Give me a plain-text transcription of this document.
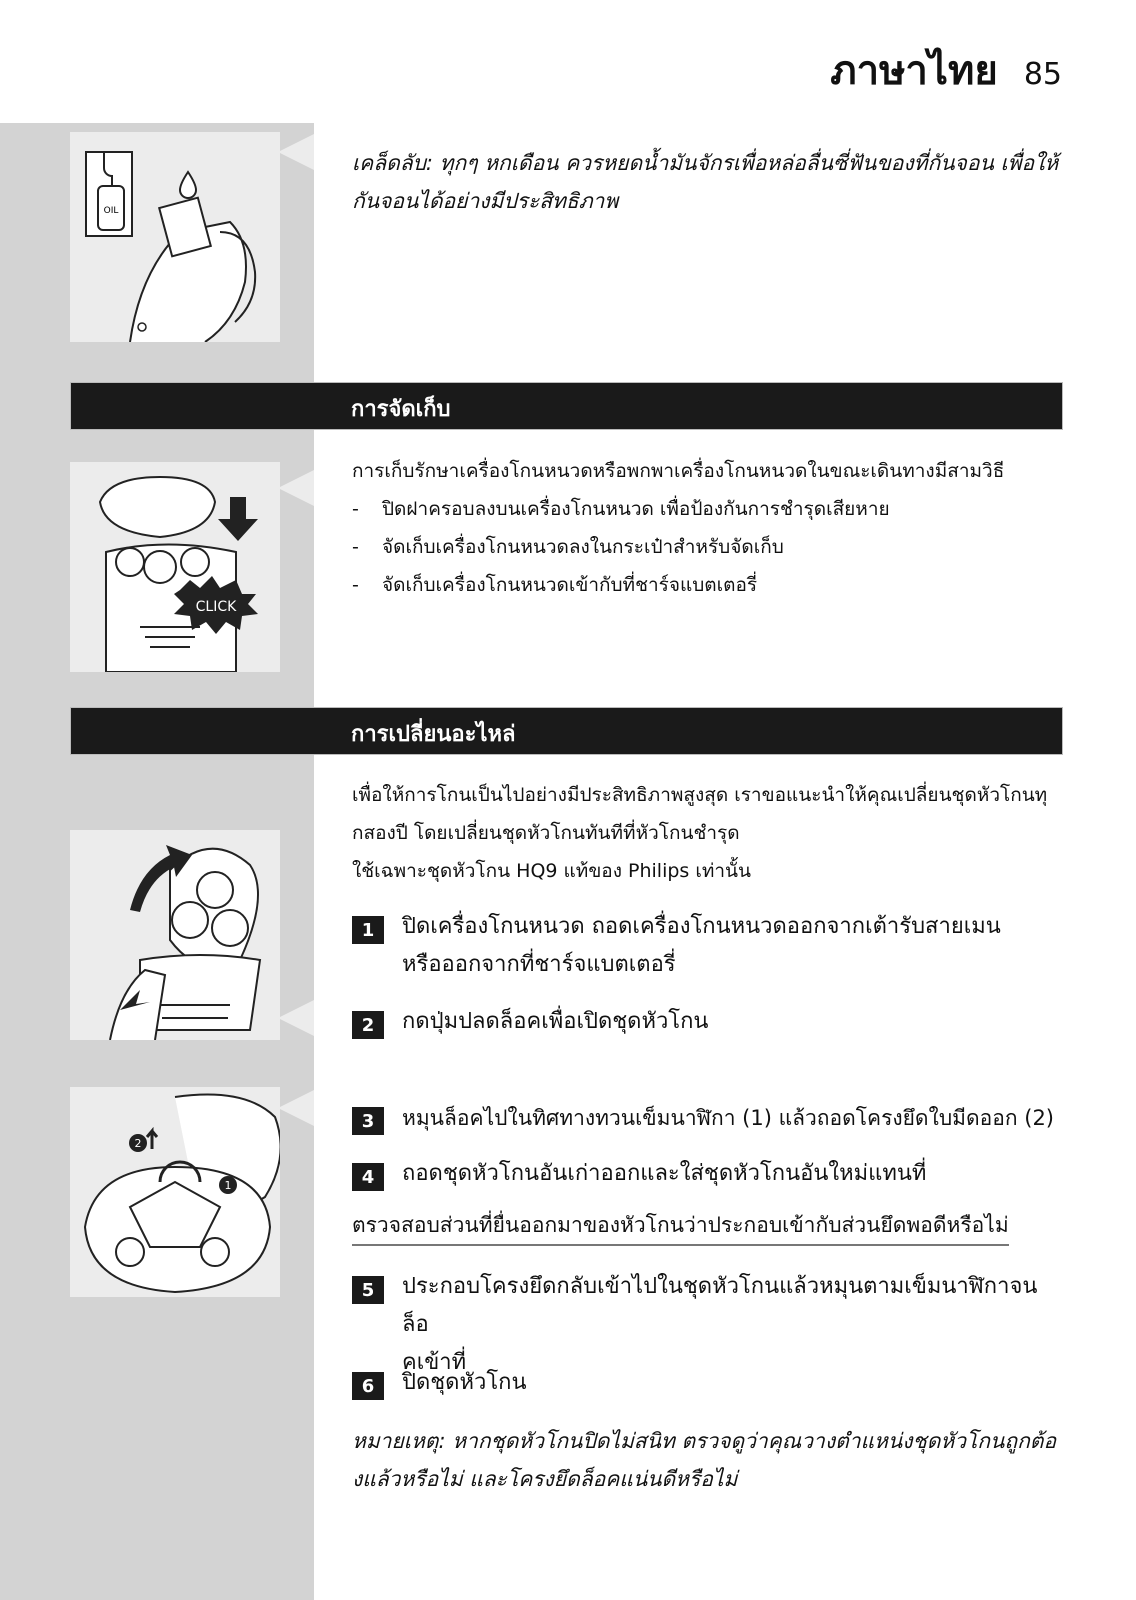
ภาษาไทย 85
OIL
เคล็ดลับ: ทุกๆ หกเดือน ควรหยดน้ำมันจักรเพื่อหล่อลื่นซี่ฟันของที่กันจอน เพื่อให้กันจอนได้อย่างมีประสิทธิภาพ
การจัดเก็บ
CLICK
การเก็บรักษาเครื่องโกนหนวดหรือพกพาเครื่องโกนหนวดในขณะเดินทางมีสามวิธี
-	ปิดฝาครอบลงบนเครื่องโกนหนวด เพื่อป้องกันการชำรุดเสียหาย
-	จัดเก็บเครื่องโกนหนวดลงในกระเป๋าสำหรับจัดเก็บ
-	จัดเก็บเครื่องโกนหนวดเข้ากับที่ชาร์จแบตเตอรี่
การเปลี่ยนอะไหล่
เพื่อให้การโกนเป็นไปอย่างมีประสิทธิภาพสูงสุด เราขอแนะนำให้คุณเปลี่ยนชุดหัวโกนทุ
กสองปี โดยเปลี่ยนชุดหัวโกนทันทีที่หัวโกนชำรุด
ใช้เฉพาะชุดหัวโกน HQ9 แท้ของ Philips เท่านั้น
1	ปิดเครื่องโกนหนวด ถอดเครื่องโกนหนวดออกจากเต้ารับสายเมน
หรือออกจากที่ชาร์จแบตเตอรี่
2	กดปุ่มปลดล็อคเพื่อเปิดชุดหัวโกน
2
1
3	หมุนล็อคไปในทิศทางทวนเข็มนาฬิกา (1) แล้วถอดโครงยึดใบมีดออก (2)
4	ถอดชุดหัวโกนอันเก่าออกและใส่ชุดหัวโกนอันใหม่แทนที่
ตรวจสอบส่วนที่ยื่นออกมาของหัวโกนว่าประกอบเข้ากับส่วนยึดพอดีหรือไม่
5	ประกอบโครงยึดกลับเข้าไปในชุดหัวโกนแล้วหมุนตามเข็มนาฬิกาจนล็อ
คเข้าที่
6	ปิดชุดหัวโกน
หมายเหตุ: หากชุดหัวโกนปิดไม่สนิท ตรวจดูว่าคุณวางตำแหน่งชุดหัวโกนถูกต้อ
งแล้วหรือไม่ และโครงยึดล็อคแน่นดีหรือไม่
